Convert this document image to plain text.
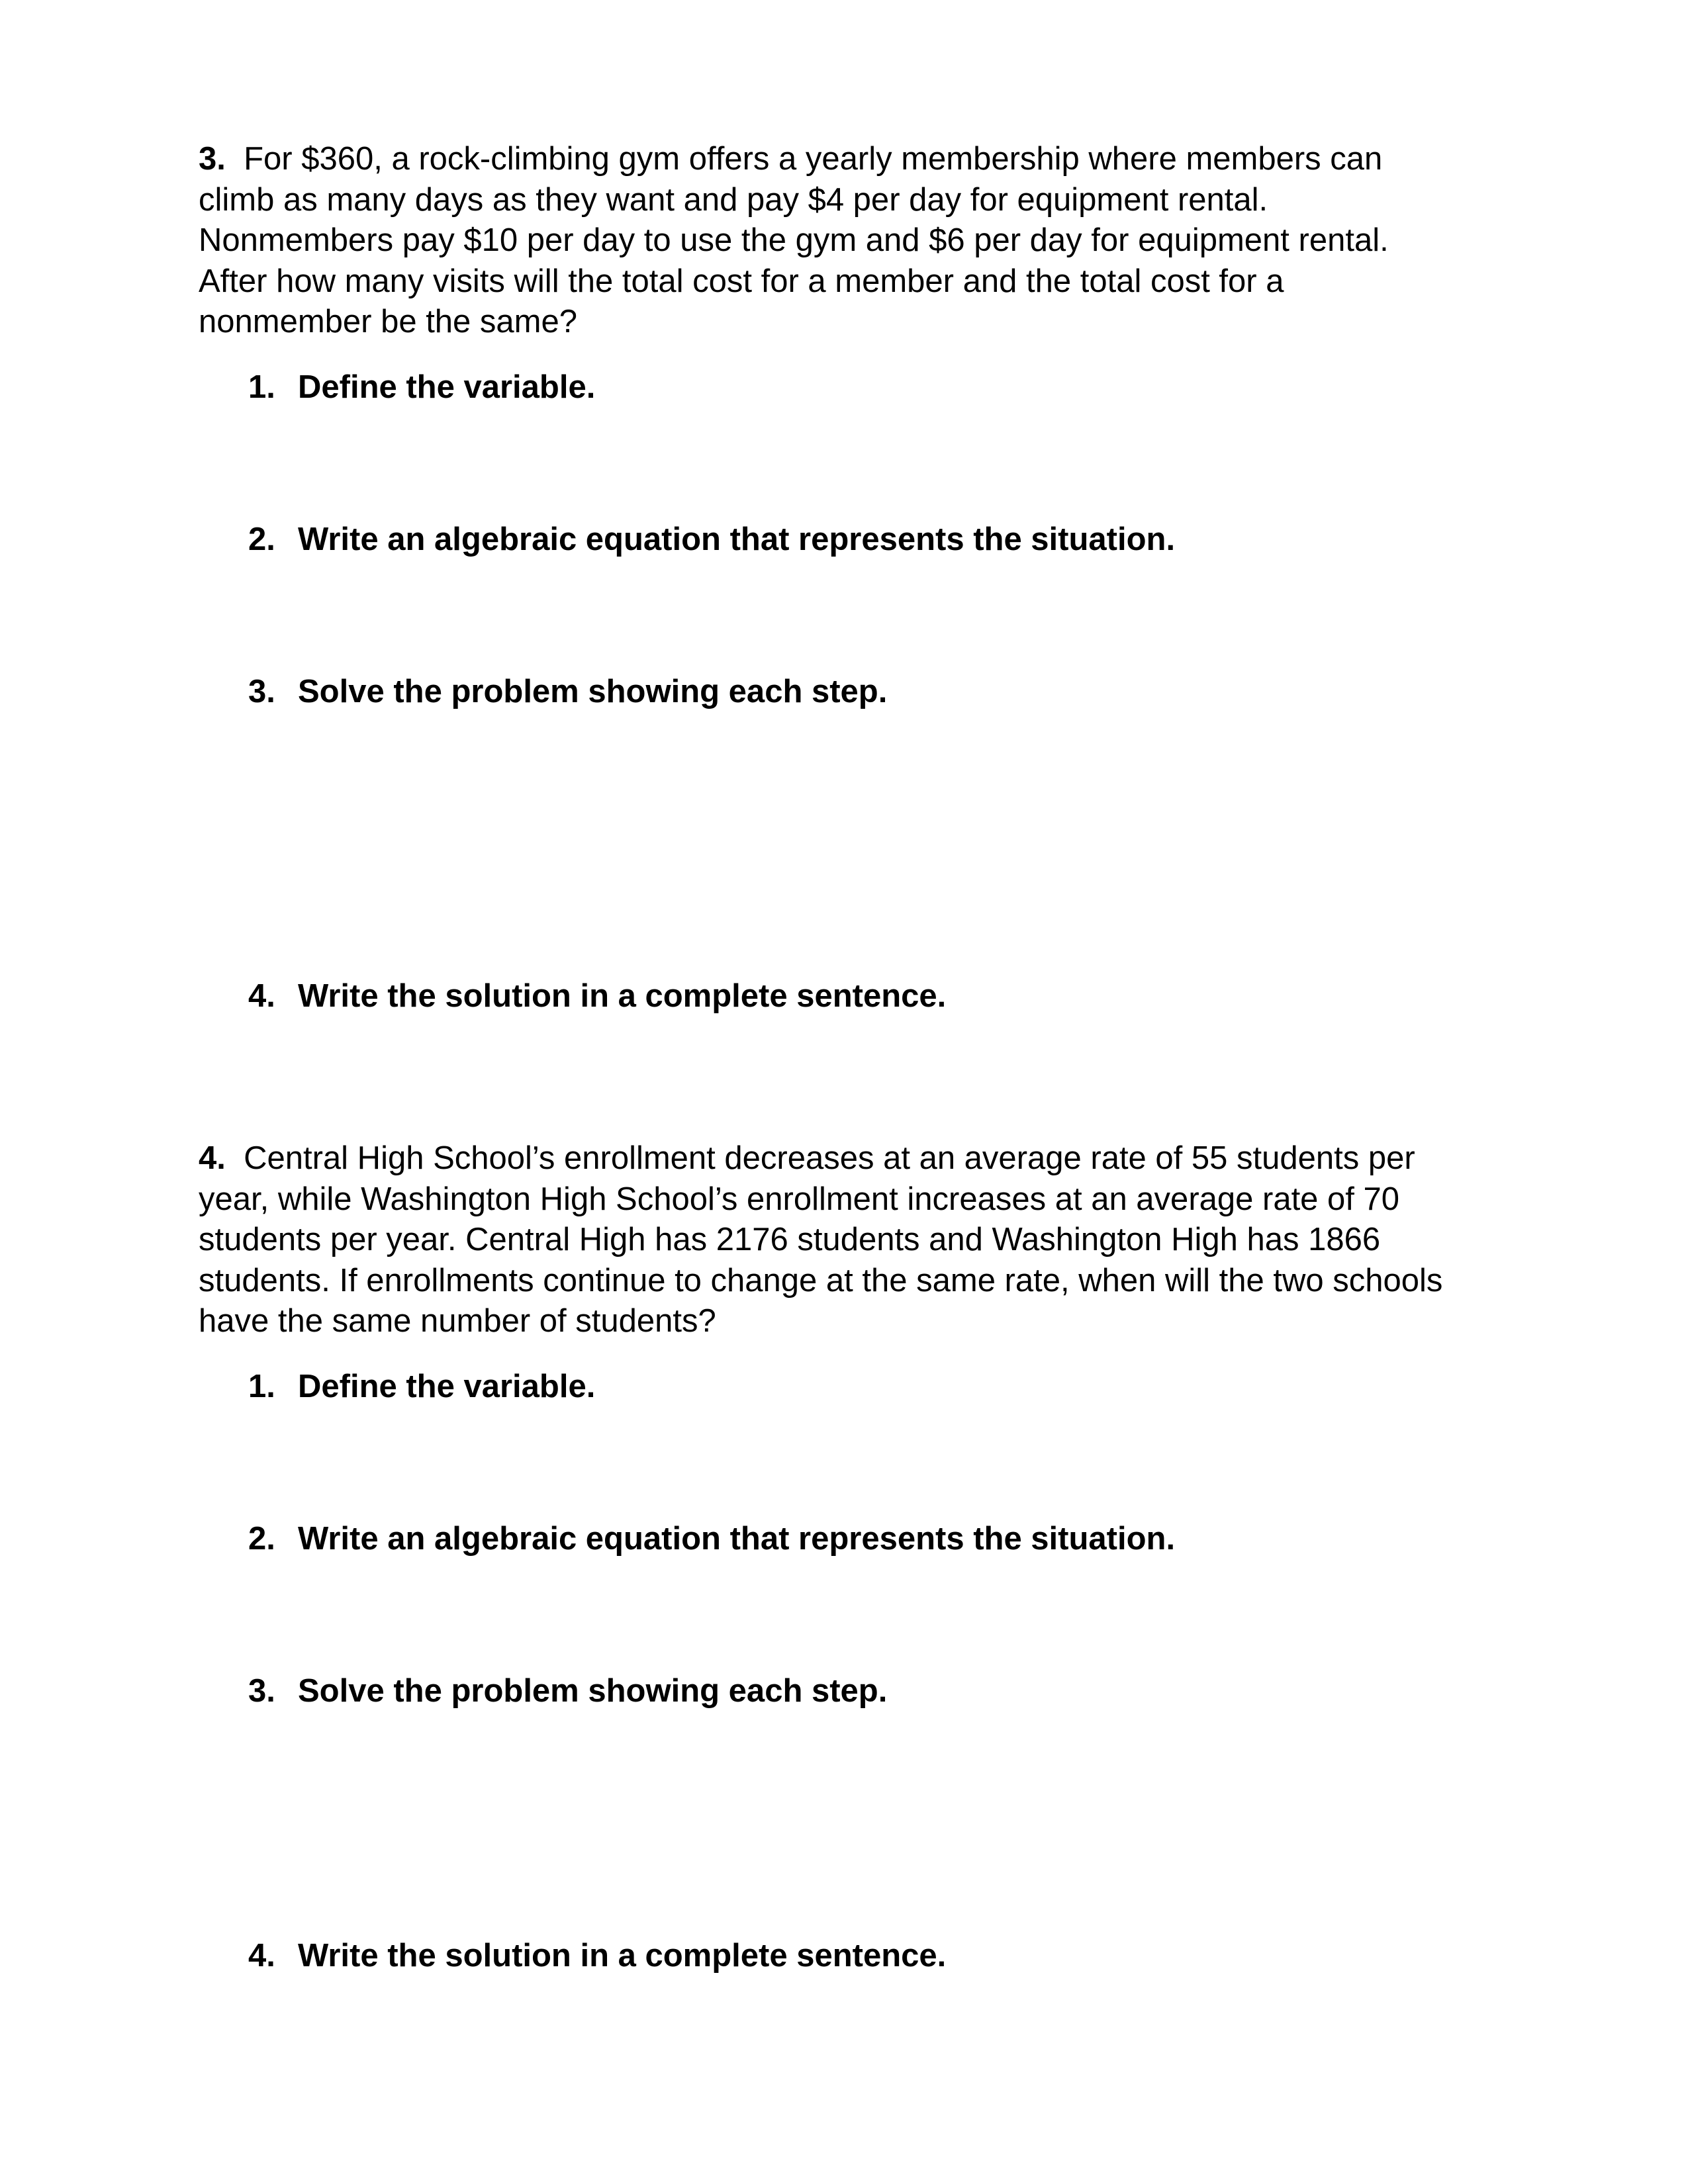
3. For $360, a rock-climbing gym offers a yearly membership where members can
climb as many days as they want and pay $4 per day for equipment rental.
Nonmembers pay $10 per day to use the gym and $6 per day for equipment rental.
After how many visits will the total cost for a member and the total cost for a
nonmember be the same?

1. Define the variable.
2. Write an algebraic equation that represents the situation.
3. Solve the problem showing each step.
4. Write the solution in a complete sentence.

4. Central High School’s enrollment decreases at an average rate of 55 students per
year, while Washington High School’s enrollment increases at an average rate of 70
students per year. Central High has 2176 students and Washington High has 1866
students. If enrollments continue to change at the same rate, when will the two schools
have the same number of students?

1. Define the variable.
2. Write an algebraic equation that represents the situation.
3. Solve the problem showing each step.
4. Write the solution in a complete sentence.
